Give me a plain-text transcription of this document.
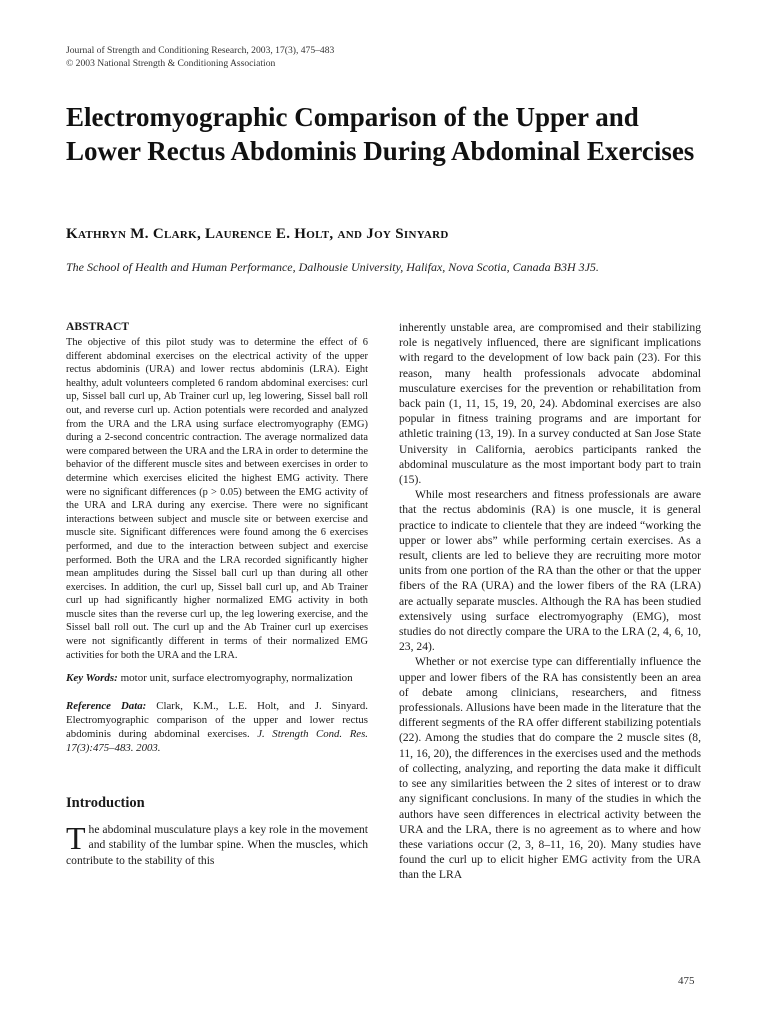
Journal of Strength and Conditioning Research, 2003, 17(3), 475–483
© 2003 National Strength & Conditioning Association
Electromyographic Comparison of the Upper and Lower Rectus Abdominis During Abdominal Exercises
Kathryn M. Clark, Laurence E. Holt, and Joy Sinyard
The School of Health and Human Performance, Dalhousie University, Halifax, Nova Scotia, Canada B3H 3J5.
ABSTRACT

The objective of this pilot study was to determine the effect of 6 different abdominal exercises on the electrical activity of the upper rectus abdominis (URA) and lower rectus abdominis (LRA). Eight healthy, adult volunteers completed 6 random abdominal exercises: curl up, Sissel ball curl up, Ab Trainer curl up, leg lowering, Sissel ball roll out, and reverse curl up. Action potentials were recorded and analyzed from the URA and the LRA using surface electromyography (EMG) during a 2-second concentric contraction. The average normalized data were compared between the URA and the LRA in order to determine the behavior of the different muscle sites and between exercises in order to determine which exercises elicited the highest EMG activity. There were no significant differences (p > 0.05) between the EMG activity of the URA and LRA during any exercise. There were no significant interactions between subject and muscle site or between exercise and muscle site. Significant differences were found among the 6 exercises performed, and due to the interaction between subject and exercise performed. Both the URA and the LRA recorded significantly higher mean amplitudes during the Sissel ball curl up than during all other exercises. In addition, the curl up, Sissel ball curl up, and Ab Trainer curl up had significantly higher normalized EMG activity in both muscle sites than the reverse curl up, the leg lowering exercise, and the Sissel ball roll out. The curl up and the Ab Trainer curl up exercises were not significantly different in terms of their normalized EMG activities for both the URA and the LRA.

Key Words: motor unit, surface electromyography, normalization

Reference Data: Clark, K.M., L.E. Holt, and J. Sinyard. Electromyographic comparison of the upper and lower rectus abdominis during abdominal exercises. J. Strength Cond. Res. 17(3):475–483. 2003.

Introduction

The abdominal musculature plays a key role in the movement and stability of the lumbar spine. When the muscles, which contribute to the stability of this

inherently unstable area, are compromised and their stabilizing role is negatively influenced, there are significant implications with regard to the development of low back pain (23). For this reason, many health professionals advocate abdominal musculature exercises for the prevention or rehabilitation from back pain (1, 11, 15, 19, 20, 24). Abdominal exercises are also popular in fitness training programs and are important for athletic training (13, 19). In a survey conducted at San Jose State University in California, aerobics participants ranked the abdominal musculature as the most important body part to train (15).

While most researchers and fitness professionals are aware that the rectus abdominis (RA) is one muscle, it is general practice to indicate to clientele that they are indeed “working the upper or lower abs” while performing certain exercises. As a result, clients are led to believe they are recruiting more motor units from one portion of the RA than the other or that the upper fibers of the RA (URA) and the lower fibers of the RA (LRA) are actually separate muscles. Although the RA has been studied extensively using surface electromyography (EMG), most studies do not directly compare the URA to the LRA (2, 4, 6, 10, 23, 24).

Whether or not exercise type can differentially influence the upper and lower fibers of the RA has consistently been an area of debate among clinicians, researchers, and fitness professionals. Allusions have been made in the literature that the different segments of the RA offer different stabilizing potentials (22). Among the studies that do compare the 2 muscle sites (8, 11, 16, 20), the differences in the exercises used and the methods of collecting, analyzing, and reporting the data make it difficult to see any similarities between the 2 sites of interest or to draw any significant conclusions. In many of the studies in which the authors have seen differences in electrical activity between the URA and the LRA, there is no agreement as to where and how these variations occur (2, 3, 8–11, 16, 20). Many studies have found the curl up to elicit higher EMG activity from the URA than the LRA

475
